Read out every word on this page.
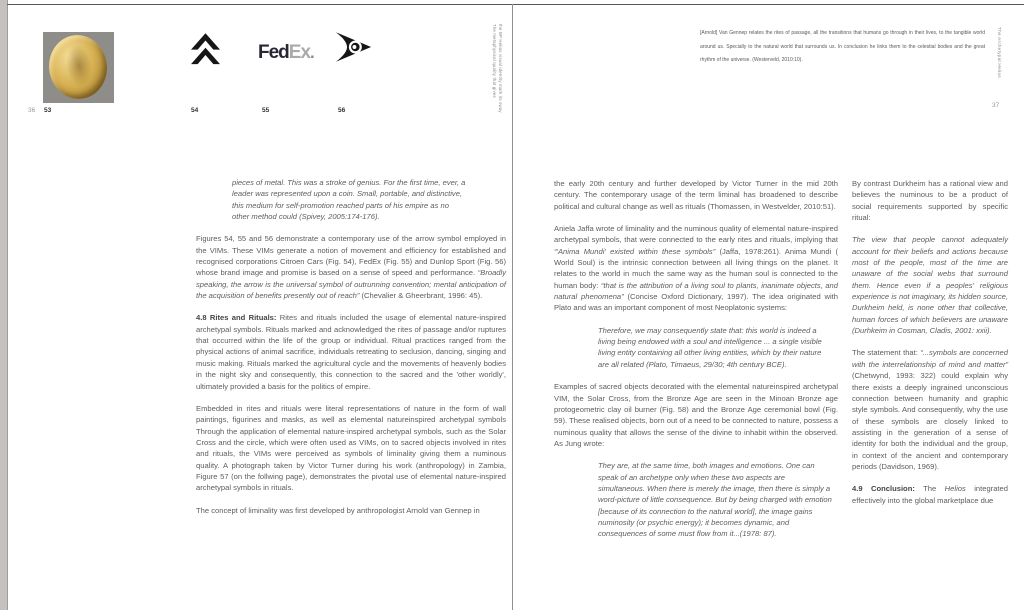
FedEx.
36 53	54	55	56
37
The metaphysical quality that gives the BP Helios visual identity mark its sway	The Archetypal Helios
[Arnold] Van Gennep relates the rites of passage, all the transitions that humans go through in their lives, to the tangible world around us. Specially to the natural world that surrounds us. In conclusion he links them to the celestial bodies and the great rhythm of the universe. (Westerveld, 2010:10).

pieces of metal. This was a stroke of genius. For the first time, ever, a leader was represented upon a coin. Small, portable, and distinctive, this medium for self-promotion reached parts of his empire as no other method could (Spivey, 2005:174-176).

Figures 54, 55 and 56 demonstrate a contemporary use of the arrow symbol employed in the VIMs. These VIMs generate a notion of movement and efficiency for established and recognised corporations Citroen Cars (Fig. 54), FedEx (Fig. 55) and Dunlop Sport (Fig. 56) whose brand image and promise is based on a sense of speed and performance. “Broadly speaking, the arrow is the universal symbol of outrunning convention; mental anticipation of the acquisition of benefits presently out of reach” (Chevalier & Gheerbrant, 1996: 45).

4.8 Rites and Rituals: Rites and rituals included the usage of elemental nature-inspired archetypal symbols. Rituals marked and acknowledged the rites of passage and/or ruptures that occurred within the life of the group or individual. Ritual practices ranged from the physical actions of animal sacrifice, individuals retreating to seclusion, dancing, singing and music making. Rituals marked the agricultural cycle and the movements of heavenly bodies in the night sky and consequently, this connection to the sacred and the 'other worldly', ultimately provided a basis for the politics of empire.

Embedded in rites and rituals were literal representations of nature in the form of wall paintings, figurines and masks, as well as elemental natureinspired archetypal symbols Through the application of elemental nature-inspired archetypal symbols, such as the Solar Cross and the circle, which were often used as VIMs, on to sacred objects involved in rites and rituals, the VIMs were perceived as symbols of liminality giving them a numinous quality. A photograph taken by Victor Turner during his work (anthropology) in Zambia, Figure 57 (on the follwing page), demonstrates the pivotal use of elemental nature-inspired archetypal symbols in rituals.

The concept of liminality was first developed by anthropologist Arnold van Gennep in

the early 20th century and further developed by Victor Turner in the mid 20th century. The contemporary usage of the term liminal has broadened to describe political and cultural change as well as rituals (Thomassen, in Westvelder, 2010:51).

Aniela Jaffa wrote of liminality and the numinous quality of elemental nature-inspired archetypal symbols, that were connected to the early rites and rituals, implying that “'Anima Mundi' existed within these symbols” (Jaffa, 1978:261). Anima Mundi ( World Soul) is the intrinsic connection between all living things on the planet. It relates to the world in much the same way as the human soul is connected to the human body: “that is the attribution of a living soul to plants, inanimate objects, and natural phenomena” (Concise Oxford Dictionary, 1997). The idea originated with Plato and was an important component of most Neoplatonic systems:

Therefore, we may consequently state that: this world is indeed a living being endowed with a soul and intelligence ... a single visible living entity containing all other living entities, which by their nature are all related (Plato, Timaeus, 29/30; 4th century BCE).

Examples of sacred objects decorated with the elemental natureinspired archetypal VIM, the Solar Cross, from the Bronze Age are seen in the Minoan Bronze age protogeometric clay oil burner (Fig. 58) and the Bronze Age ceremonial bowl (Fig. 59). These realised objects, born out of a need to be connected to nature, possess a numinous quality that allows the sense of the divine to inhabit within the observed. As Jung wrote:

They are, at the same time, both images and emotions. One can speak of an archetype only when these two aspects are simultaneous. When there is merely the image, then there is simply a word-picture of little consequence. But by being charged with emotion [because of its connection to the natural world], the image gains numinosity (or psychic energy); it becomes dynamic, and consequences of some must flow from it...(1978: 87).

By contrast Durkheim has a rational view and believes the numinous to be a product of social requirements supported by specific ritual:

The view that people cannot adequately account for their beliefs and actions because most of the people, most of the time are unaware of the social webs that surround them. Hence even if a peoples' religious experience is not imaginary, its hidden source, Durkheim held, is none other that collective, human forces of which believers are unaware (Durhkeim in Cosman, Cladis, 2001: xxii).

The statement that: “...symbols are concerned with the interrelationship of mind and matter” (Chetwynd, 1993: 322) could explain why there exists a deeply ingrained unconscious connection between humanity and graphic style symbols. And consequently, why the use of these symbols are closely linked to assisting in the generation of a sense of identity for both the individual and the group, in context of the ancient and contemporary periods (Davidson, 1969).

4.9 Conclusion: The Helios integrated effectively into the global marketplace due
